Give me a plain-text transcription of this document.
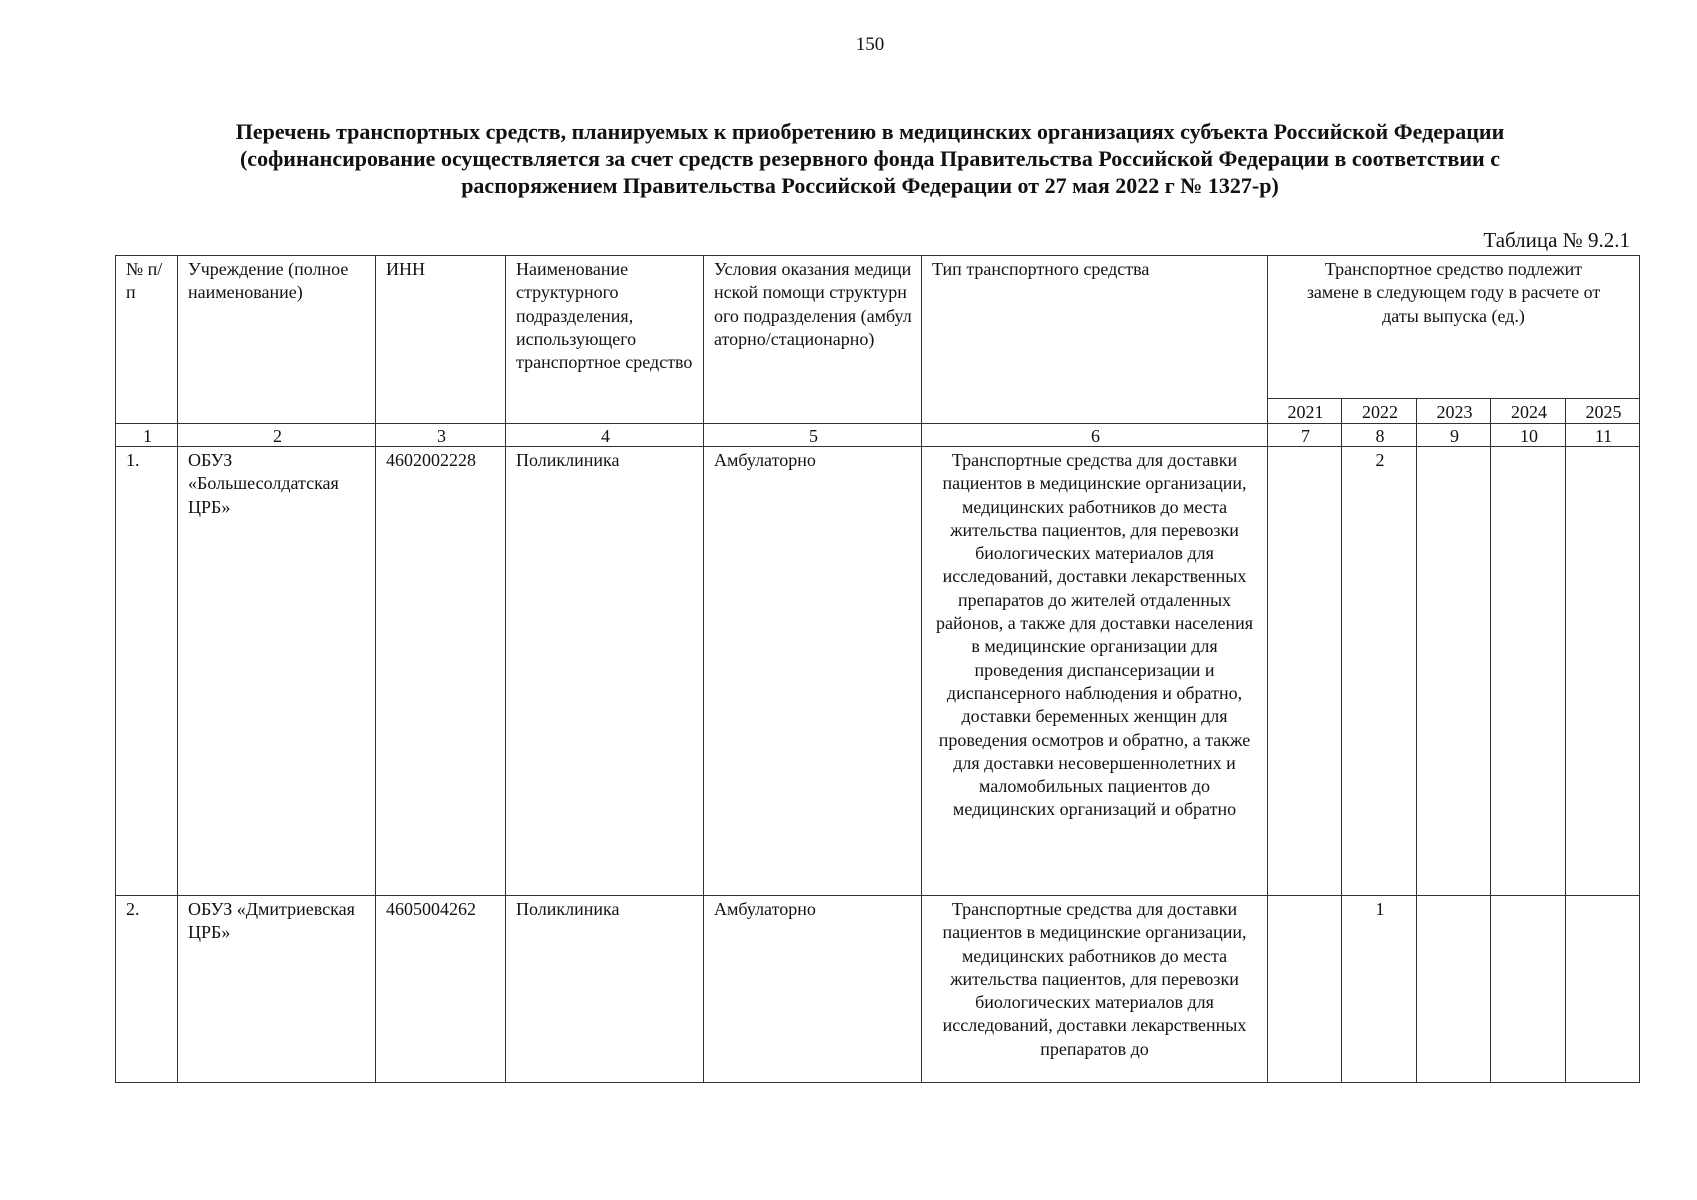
150
Перечень транспортных средств, планируемых к приобретению в медицинских организациях субъекта Российской Федерации
(софинансирование осуществляется за счет средств резервного фонда Правительства Российской Федерации в соответствии с
распоряжением Правительства Российской Федерации от 27 мая 2022 г № 1327-р)
Таблица № 9.2.1
№ п/п	Учреждение (полное наименование)	ИНН	Наименование структурного подразделения, использующего транспортное средство	Условия оказания медицинской помощи структурного подразделения (амбулаторно/стационарно)	Тип транспортного средства	Транспортное средство подлежит замене в следующем году в расчете от даты выпуска (ед.)				
						2021	2022	2023	2024	2025
1	2	3	4	5	6	7	8	9	10	11
1.	ОБУЗ «Большесолдатская ЦРБ»	4602002228	Поликлиника	Амбулаторно	Транспортные средства для доставки пациентов в медицинские организации, медицинских работников до места жительства пациентов, для перевозки биологических материалов для исследований, доставки лекарственных препаратов до жителей отдаленных районов, а также для доставки населения в медицинские организации для проведения диспансеризации и диспансерного наблюдения и обратно, доставки беременных женщин для проведения осмотров и обратно, а также для доставки несовершеннолетних и маломобильных пациентов до медицинских организаций и обратно		2			
2.	ОБУЗ «Дмитриевская ЦРБ»	4605004262	Поликлиника	Амбулаторно	Транспортные средства для доставки пациентов в медицинские организации, медицинских работников до места жительства пациентов, для перевозки биологических материалов для исследований, доставки лекарственных препаратов до		1			
